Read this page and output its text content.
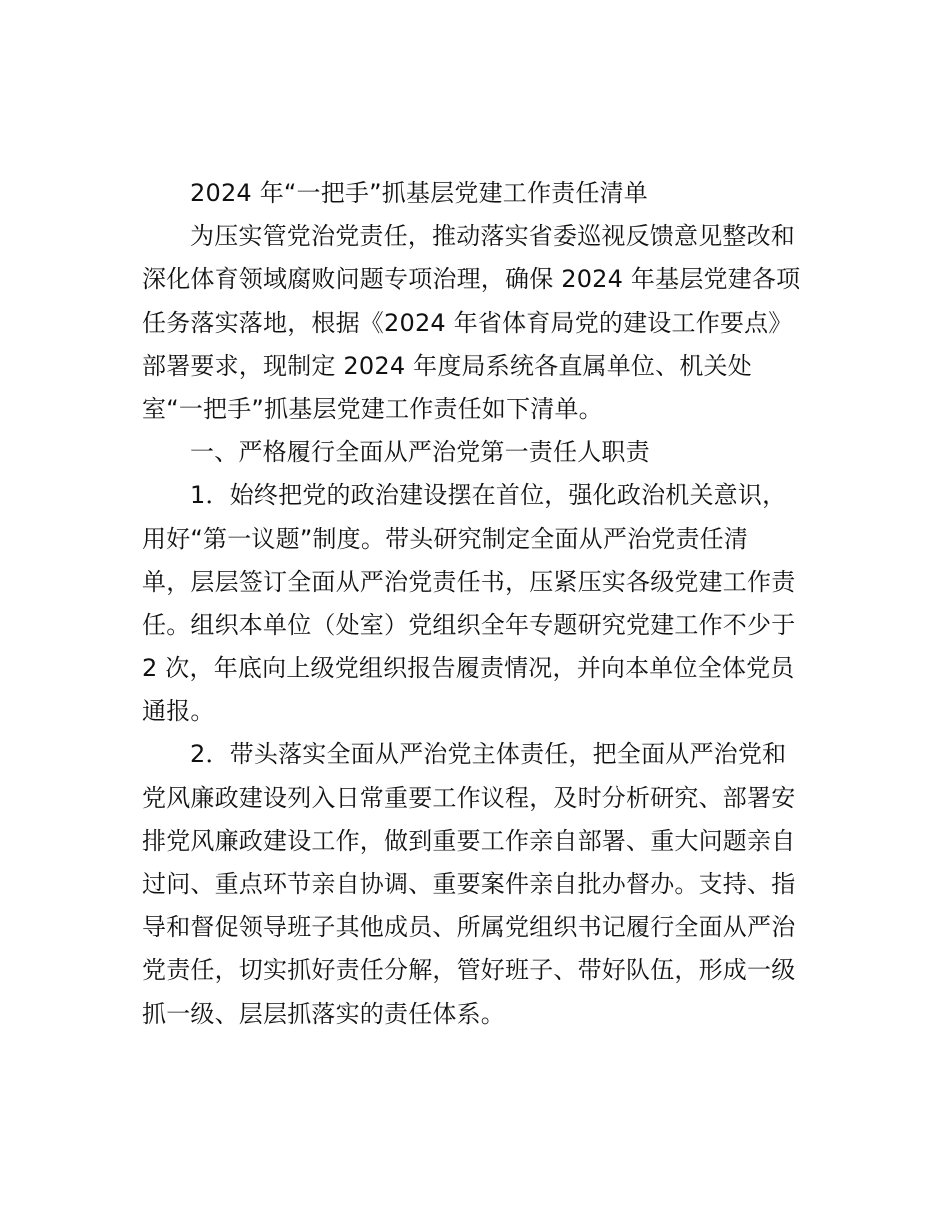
2024 年“一把手”抓基层党建工作责任清单
为压实管党治党责任，推动落实省委巡视反馈意见整改和
深化体育领域腐败问题专项治理，确保 2024 年基层党建各项
任务落实落地，根据《2024 年省体育局党的建设工作要点》
部署要求，现制定 2024 年度局系统各直属单位、机关处
室“一把手”抓基层党建工作责任如下清单。
一、严格履行全面从严治党第一责任人职责
1．始终把党的政治建设摆在首位，强化政治机关意识，
用好“第一议题”制度。带头研究制定全面从严治党责任清
单，层层签订全面从严治党责任书，压紧压实各级党建工作责
任。组织本单位（处室）党组织全年专题研究党建工作不少于
2 次，年底向上级党组织报告履责情况，并向本单位全体党员
通报。
2．带头落实全面从严治党主体责任，把全面从严治党和
党风廉政建设列入日常重要工作议程，及时分析研究、部署安
排党风廉政建设工作，做到重要工作亲自部署、重大问题亲自
过问、重点环节亲自协调、重要案件亲自批办督办。支持、指
导和督促领导班子其他成员、所属党组织书记履行全面从严治
党责任，切实抓好责任分解，管好班子、带好队伍，形成一级
抓一级、层层抓落实的责任体系。
